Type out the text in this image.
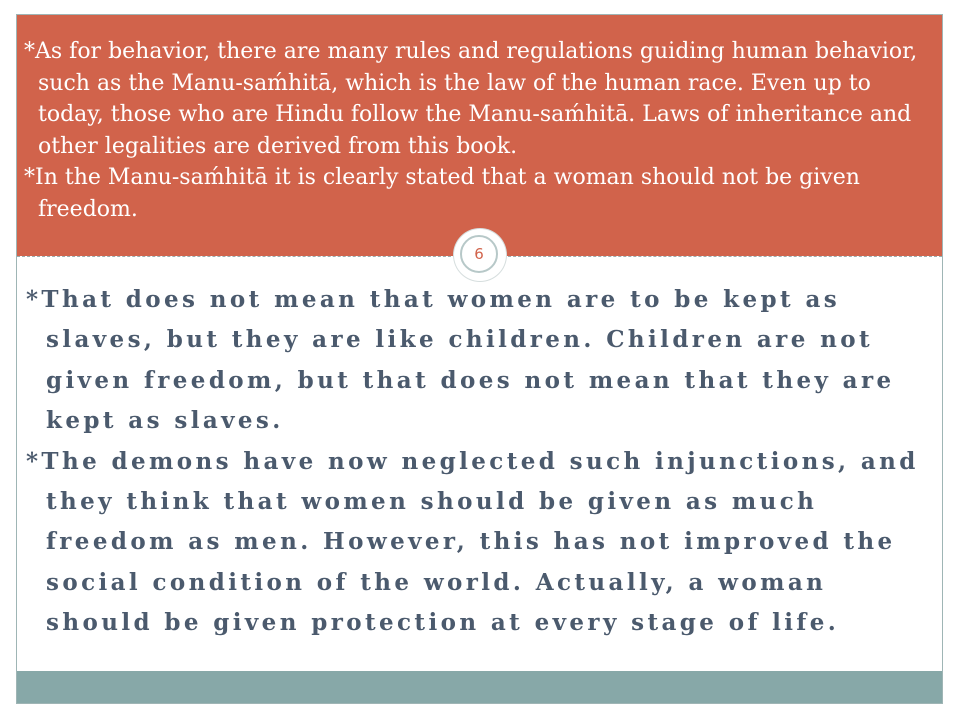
*As for behavior, there are many rules and regulations guiding human behavior, such as the Manu-saḿhitā, which is the law of the human race. Even up to today, those who are Hindu follow the Manu-saḿhitā. Laws of inheritance and other legalities are derived from this book.
*In the Manu-saḿhitā it is clearly stated that a woman should not be given freedom.
6
*That does not mean that women are to be kept as slaves, but they are like children. Children are not given freedom, but that does not mean that they are kept as slaves.
*The demons have now neglected such injunctions, and they think that women should be given as much freedom as men. However, this has not improved the social condition of the world. Actually, a woman should be given protection at every stage of life.
